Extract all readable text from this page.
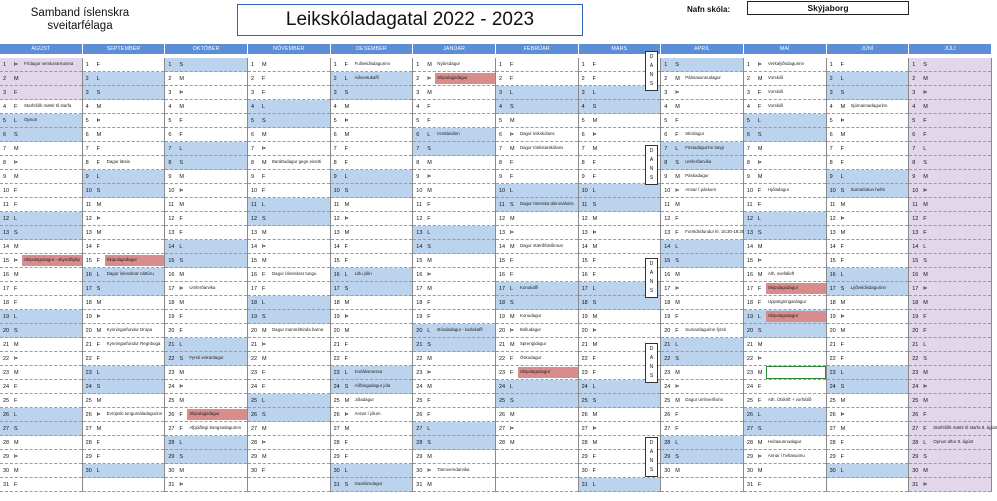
Samband íslenskra
sveitarfélaga	Leikskóladagatal 2022 - 2023	Nafn skóla:	Skýjaborg
ÁGÚST	SEPTEMBER	OKTÓBER	NÓVEMBER	DESEMBER	JANÚAR	FEBRÚAR	MARS	APRÍL	MAÍ	JÚNÍ	JÚLÍ
1 Þ Frídagur verslunarmanna
2 M
3 F
4 F Starfsfólk mætir til starfa
5 L Opnun
6 S
7 M
8 Þ
9 M
10 F
11 F
12 L
13 S
14 M
15 Þ Skipulagsdagur - skyndihjálp
16 M
17 F
18 F
19 L
20 S
21 M
22 Þ
23 M
24 F
25 F
26 L
27 S
28 M
29 Þ
30 M
31 F
1 F
2 L
3 S
4 M
5 Þ
6 M
7 F
8 F Dagur læsis
9 L
10 S
11 M
12 Þ
13 M
14 F
15 F Skipulagsdagur
16 L Dagur íslenskrar náttúru
17 S
18 M
19 Þ
20 M Kynningarfundur Dropa
21 F Kynningarfundur Regnboga
22 F
23 L
24 S
25 M
26 Þ Evrópski tungumáladagurinn
27 M
28 F
29 F
30 L
1 S
2 M
3 Þ
4 M
5 F
6 F
7 L
8 S
9 M
10 Þ
11 M
12 F
13 F
14 L
15 S
16 M
17 Þ Umferðarvika
18 M
19 F
20 F
21 L
22 S Fyrsti vetrardagur
23 M
24 Þ
25 M
26 F Skipulagsdagur
27 F Alþjóðlegi bangsadagurinn
28 L
29 S
30 M
31 Þ
1 M
2 F
3 F
4 L
5 S
6 M
7 Þ
8 M Baráttudagur gegn einelti
9 F
10 F
11 L
12 S
13 M
14 Þ
15 M
16 F Dagur íslenskrar tungu
17 F
18 L
19 S
20 M Dagur mannréttinda barna
21 Þ
22 M
23 F
24 F
25 L
26 S
27 M
28 Þ
29 M
30 F
1 F Fullveldisdagurinn
2 L Aðventukaffi
3 S
4 M
5 Þ
6 M
7 F
8 F
9 L
10 S
11 M
12 Þ
13 M
14 F
15 F
16 L Litlu jólin
17 S
18 M
19 Þ
20 M
21 F
22 F
23 L Þorláksmessa
24 S Aðfangadagur jóla
25 M Jóladagur
26 Þ Annar í jólum
27 M
28 F
29 F
30 L
31 S Gamlársdagur
1 M Nýársdagur
2 Þ Skipulagsdagur
3 M
4 F
5 F
6 L Þrettándinn
7 S
8 M
9 Þ
10 M
11 F
12 F
13 L
14 S
15 M
16 Þ
17 M
18 F
19 F
20 L Bóndadagur - karlakaffi
21 S
22 M
23 Þ
24 M
25 F
26 F
27 L
28 S
29 M
30 Þ Tannverndarvika
31 M
1 F
2 F
3 L
4 S
5 M
6 Þ Dagur leikskólans
7 M Dagur tónlistarskólans
8 F
9 F
10 L
11 S Dagur íslenska táknmálsins
12 M
13 Þ
14 M Dagur stærðfræðinnar
15 F
16 F
17 L Konukaffi
18 S
19 M Konudagur
20 Þ Bolludagur
21 M Sprengidagur
22 F Öskudagur
23 F Skipulagsdagur
24 L
25 S
26 M
27 Þ
28 M
1 F
2 F
3 L
4 S
5 M
6 Þ
7 M
8 F
9 F
10 L
11 S
12 M
13 Þ
14 M
15 F
16 F
17 L
18 S
19 M
20 Þ
21 M
22 F
23 F
24 L
25 S
26 M
27 Þ
28 M
29 F
30 F
31 L
1 S
2 M Pálmasunnudagur
3 Þ
4 M
5 F
6 F Skírdagur
7 L Föstudagurinn langi
8 S Umferðarvika
9 M Páskadagur
10 Þ Annar í páskum
11 M
12 F
13 F Foreldrafundur kl. 16:30-18:30
14 L
15 S
16 M
17 Þ
18 M
19 F
20 F Sumardagurinn fyrsti
21 L
22 S
23 M
24 Þ
25 M Dagur umhverfisins
26 F
27 F
28 L
29 S
30 M
1 Þ Verkalýðsdagurinn
2 M Vorskóli
3 F Vorskóli
4 F Vorskóli
5 L
6 S
7 M
8 Þ
9 M
10 F Hjóladagur
11 F
12 L
13 S
14 M
15 Þ
16 M Ath. svefalleft
17 F Skipulagsdagur
18 F Uppstigningardagur
19 L Skipulagsdagur
20 S
21 M
22 Þ
23 M
24 F
25 F Ath. Útskrift + vorhátíð
26 L
27 S
28 M Hvítasunnudagur
29 Þ Annar í hvítasunnu
30 M
31 F
1 F
2 L
3 S
4 M Sjómannadagurinn
5 Þ
6 M
7 F
8 F
9 L
10 S Sumarlokun hefst
11 M
12 Þ
13 M
14 F
15 F
16 L
17 S Lýðveldisdagurinn
18 M
19 Þ
20 M
21 F
22 F
23 L
24 S
25 M
26 Þ
27 M
28 F
29 F
30 L
1 S
2 M
3 Þ
4 M
5 F
6 F
7 L
8 S
9 M
10 Þ
11 M
12 F
13 F
14 L
15 S
16 M
17 Þ
18 M
19 F
20 F
21 L
22 S
23 M
24 Þ
25 M
26 F
27 F Starfsfólk mætir til starfa 8. ágúst
28 L Opnun aftur 8. ágúst
29 S
30 M
31 Þ
D
A
N
S
D
A
N
S
D
A
N
S
D
A
N
S
D
A
N
S
